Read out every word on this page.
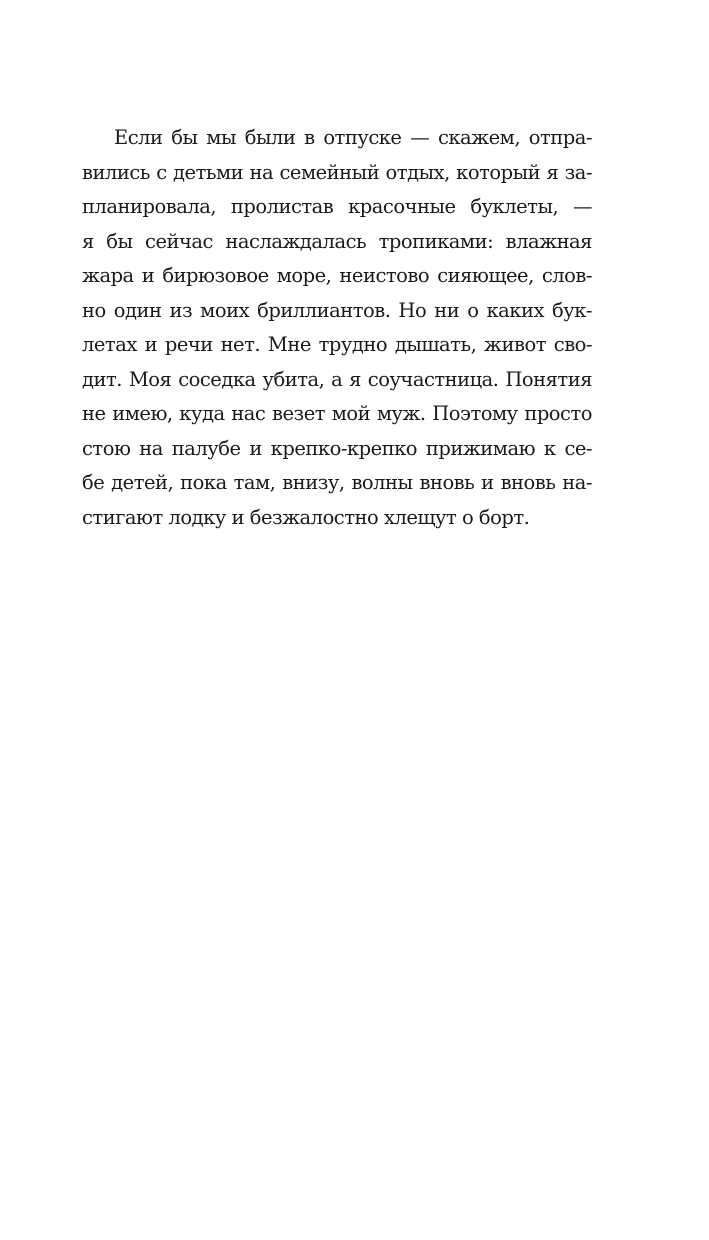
Если бы мы были в отпуске — скажем, отпра-
вились с детьми на семейный отдых, который я за-
планировала, пролистав красочные буклеты, —
я бы сейчас наслаждалась тропиками: влажная
жара и бирюзовое море, неистово сияющее, слов-
но один из моих бриллиантов. Но ни о каких бук-
летах и речи нет. Мне трудно дышать, живот сво-
дит. Моя соседка убита, а я соучастница. Понятия
не имею, куда нас везет мой муж. Поэтому просто
стою на палубе и крепко-крепко прижимаю к се-
бе детей, пока там, внизу, волны вновь и вновь на-
стигают лодку и безжалостно хлещут о борт.
